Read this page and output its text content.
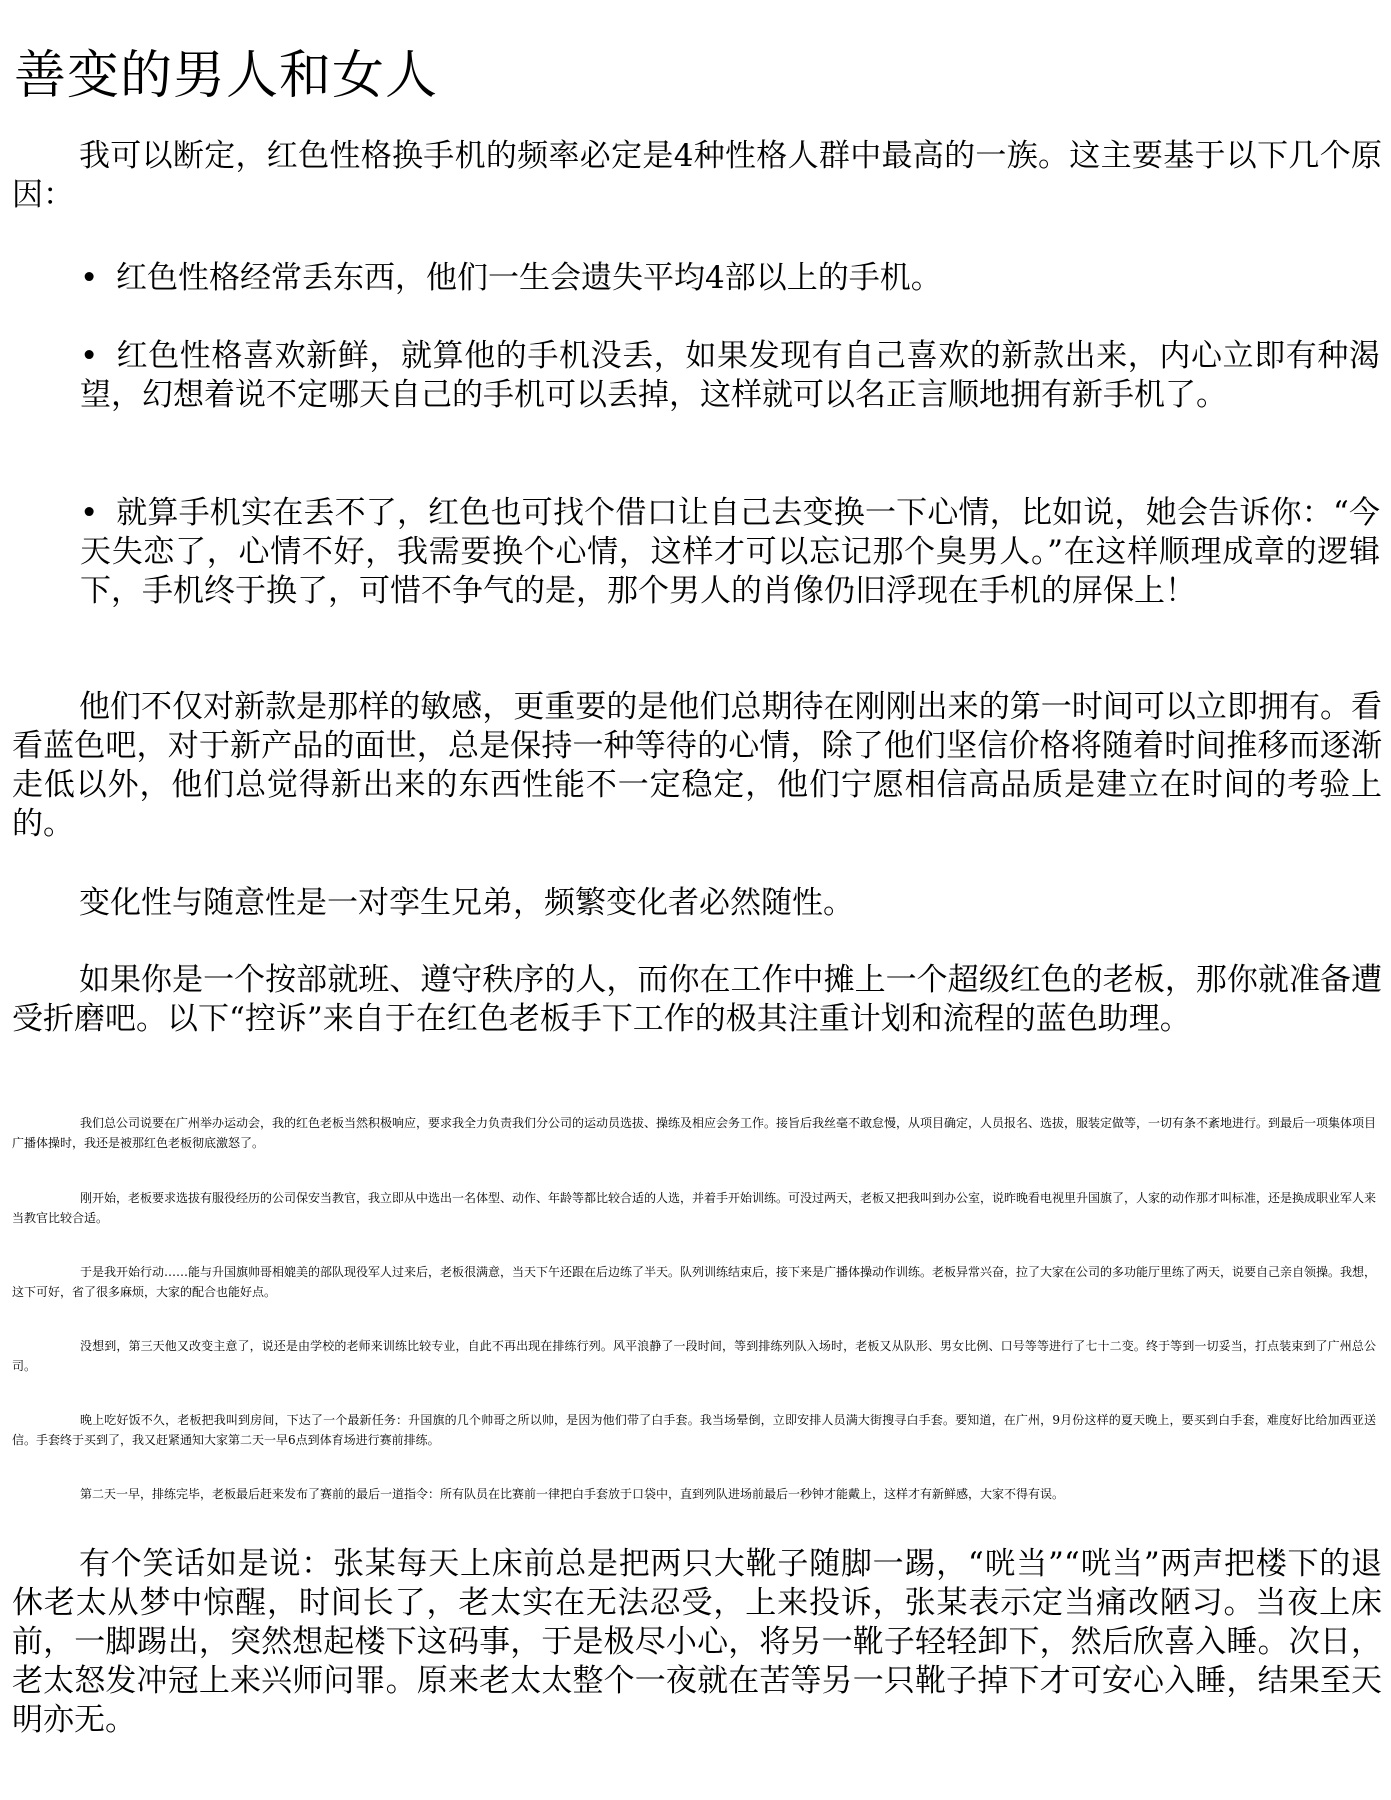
善变的男人和女人

我可以断定，红色性格换手机的频率必定是4种性格人群中最高的一族。这主要基于以下几个原因：

• 红色性格经常丢东西，他们一生会遗失平均4部以上的手机。

• 红色性格喜欢新鲜，就算他的手机没丢，如果发现有自己喜欢的新款出来，内心立即有种渴望，幻想着说不定哪天自己的手机可以丢掉，这样就可以名正言顺地拥有新手机了。

• 就算手机实在丢不了，红色也可找个借口让自己去变换一下心情，比如说，她会告诉你：“今天失恋了，心情不好，我需要换个心情，这样才可以忘记那个臭男人。”在这样顺理成章的逻辑下，手机终于换了，可惜不争气的是，那个男人的肖像仍旧浮现在手机的屏保上！

他们不仅对新款是那样的敏感，更重要的是他们总期待在刚刚出来的第一时间可以立即拥有。看看蓝色吧，对于新产品的面世，总是保持一种等待的心情，除了他们坚信价格将随着时间推移而逐渐走低以外，他们总觉得新出来的东西性能不一定稳定，他们宁愿相信高品质是建立在时间的考验上的。

变化性与随意性是一对孪生兄弟，频繁变化者必然随性。

如果你是一个按部就班、遵守秩序的人，而你在工作中摊上一个超级红色的老板，那你就准备遭受折磨吧。以下“控诉”来自于在红色老板手下工作的极其注重计划和流程的蓝色助理。

我们总公司说要在广州举办运动会，我的红色老板当然积极响应，要求我全力负责我们分公司的运动员选拔、操练及相应会务工作。接旨后我丝毫不敢怠慢，从项目确定，人员报名、选拔，服装定做等，一切有条不紊地进行。到最后一项集体项目广播体操时，我还是被那红色老板彻底激怒了。

刚开始，老板要求选拔有服役经历的公司保安当教官，我立即从中选出一名体型、动作、年龄等都比较合适的人选，并着手开始训练。可没过两天，老板又把我叫到办公室，说昨晚看电视里升国旗了，人家的动作那才叫标准，还是换成职业军人来当教官比较合适。

于是我开始行动……能与升国旗帅哥相媲美的部队现役军人过来后，老板很满意，当天下午还跟在后边练了半天。队列训练结束后，接下来是广播体操动作训练。老板异常兴奋，拉了大家在公司的多功能厅里练了两天，说要自己亲自领操。我想，这下可好，省了很多麻烦，大家的配合也能好点。

没想到，第三天他又改变主意了，说还是由学校的老师来训练比较专业，自此不再出现在排练行列。风平浪静了一段时间，等到排练列队入场时，老板又从队形、男女比例、口号等等进行了七十二变。终于等到一切妥当，打点装束到了广州总公司。

晚上吃好饭不久，老板把我叫到房间，下达了一个最新任务：升国旗的几个帅哥之所以帅，是因为他们带了白手套。我当场晕倒，立即安排人员满大街搜寻白手套。要知道，在广州，9月份这样的夏天晚上，要买到白手套，难度好比给加西亚送信。手套终于买到了，我又赶紧通知大家第二天一早6点到体育场进行赛前排练。

第二天一早，排练完毕，老板最后赶来发布了赛前的最后一道指令：所有队员在比赛前一律把白手套放于口袋中，直到列队进场前最后一秒钟才能戴上，这样才有新鲜感，大家不得有误。

有个笑话如是说：张某每天上床前总是把两只大靴子随脚一踢，“咣当”“咣当”两声把楼下的退休老太从梦中惊醒，时间长了，老太实在无法忍受，上来投诉，张某表示定当痛改陋习。当夜上床前，一脚踢出，突然想起楼下这码事，于是极尽小心，将另一靴子轻轻卸下，然后欣喜入睡。次日，老太怒发冲冠上来兴师问罪。原来老太太整个一夜就在苦等另一只靴子掉下才可安心入睡，结果至天明亦无。
